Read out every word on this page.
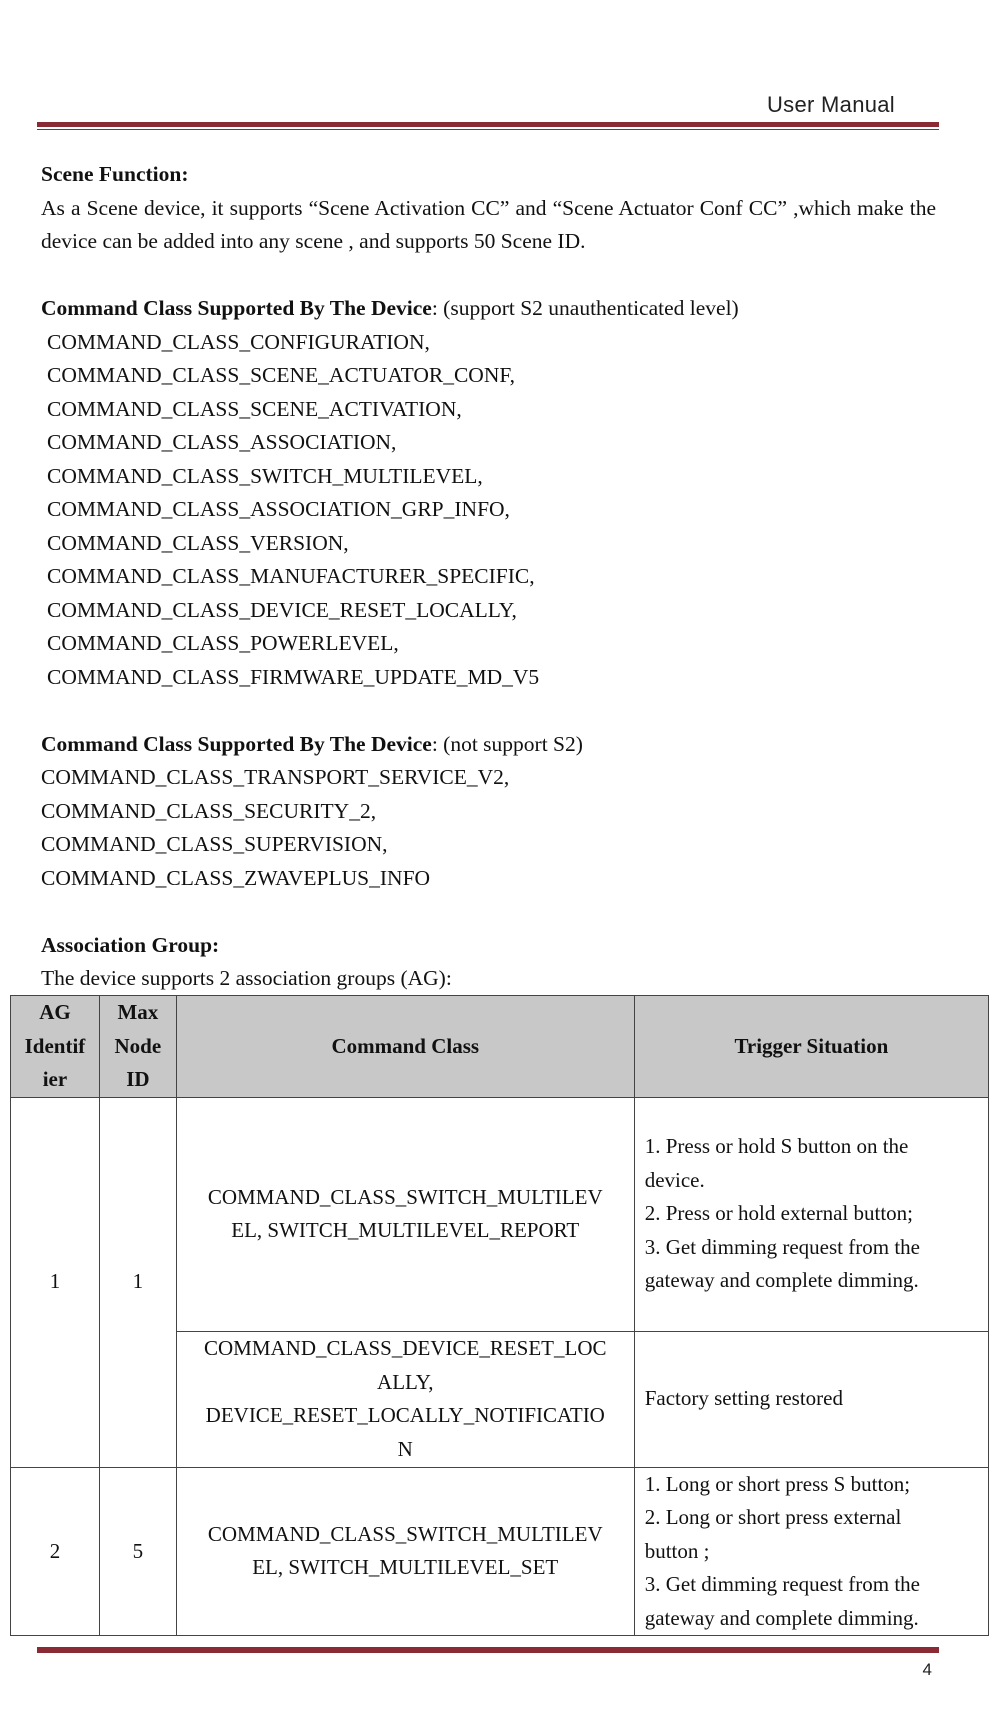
User Manual

Scene Function:

As a Scene device, it supports “Scene Activation CC” and “Scene Actuator Conf CC” ,which make the device can be added into any scene , and supports 50 Scene ID.

Command Class Supported By The Device: (support S2 unauthenticated level)

COMMAND_CLASS_CONFIGURATION,

COMMAND_CLASS_SCENE_ACTUATOR_CONF,

COMMAND_CLASS_SCENE_ACTIVATION,

COMMAND_CLASS_ASSOCIATION,

COMMAND_CLASS_SWITCH_MULTILEVEL,

COMMAND_CLASS_ASSOCIATION_GRP_INFO,

COMMAND_CLASS_VERSION,

COMMAND_CLASS_MANUFACTURER_SPECIFIC,

COMMAND_CLASS_DEVICE_RESET_LOCALLY,

COMMAND_CLASS_POWERLEVEL,

COMMAND_CLASS_FIRMWARE_UPDATE_MD_V5

Command Class Supported By The Device: (not support S2)

COMMAND_CLASS_TRANSPORT_SERVICE_V2,

COMMAND_CLASS_SECURITY_2,

COMMAND_CLASS_SUPERVISION,

COMMAND_CLASS_ZWAVEPLUS_INFO

Association Group:

The device supports 2 association groups (AG):

AG
Identif
ier	Max
Node
ID	Command Class	Trigger Situation
1	1	COMMAND_CLASS_SWITCH_MULTILEV
EL, SWITCH_MULTILEVEL_REPORT	1. Press or hold S button on the
device.
2. Press or hold external button;
3. Get dimming request from the
gateway and complete dimming.

		COMMAND_CLASS_DEVICE_RESET_LOC
ALLY,
DEVICE_RESET_LOCALLY_NOTIFICATIO
N	Factory setting restored
2	5	COMMAND_CLASS_SWITCH_MULTILEV
EL, SWITCH_MULTILEVEL_SET	1. Long or short press S button;
2. Long or short press external
button ;
3. Get dimming request from the
gateway and complete dimming.
4
